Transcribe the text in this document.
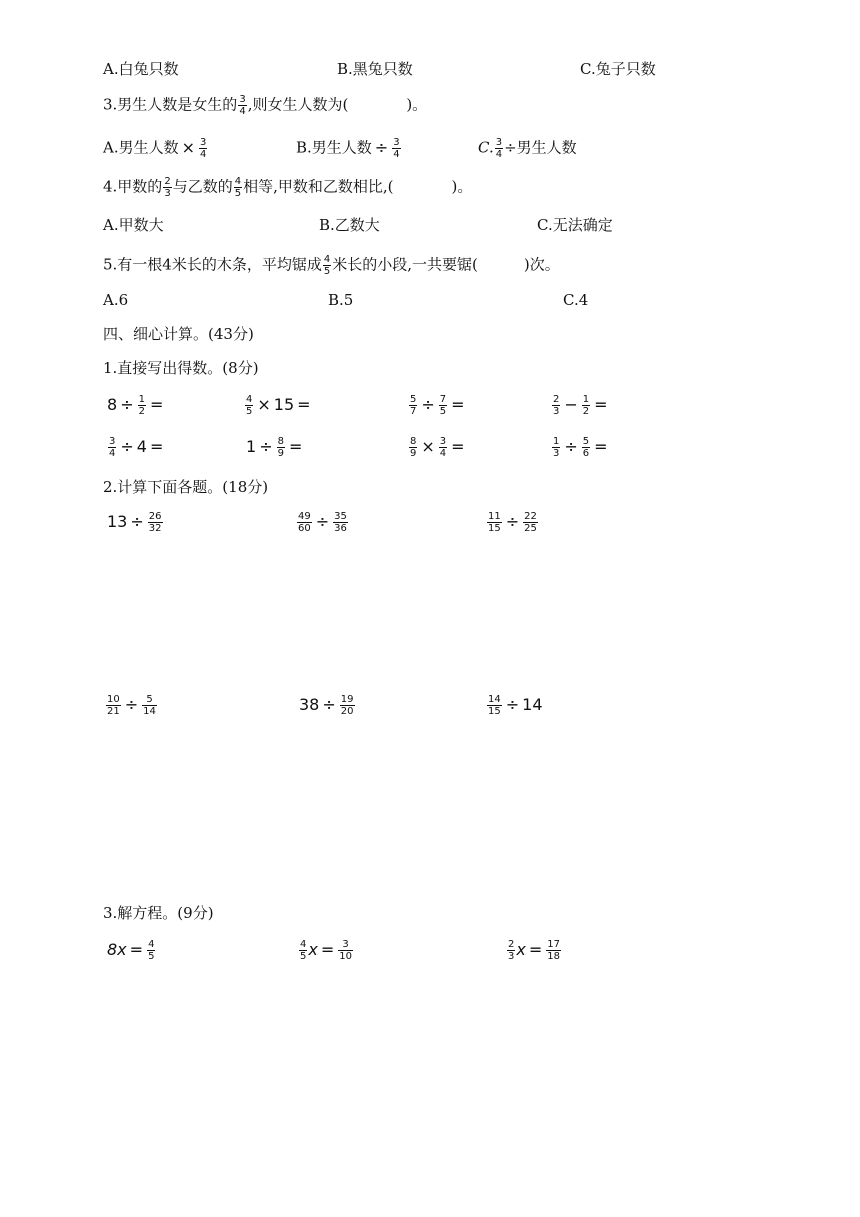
A.白兔只数	B.黑兔只数	C.兔子只数
3.男生人数是女生的 $\frac{3}{4}$ ,则女生人数为(	)。
A.男生人数 × $\frac{3}{4}$	B.男生人数 ÷ $\frac{3}{4}$	C. $\frac{3}{4}$ ÷男生人数
4.甲数的 $\frac{2}{3}$ 与乙数的 $\frac{4}{5}$ 相等,甲数和乙数相比,(	)。
A.甲数大	B.乙数大	C.无法确定
5.有一根4米长的木条，平均锯成 $\frac{4}{5}$ 米长的小段,一共要锯(	)次。
A.6	B.5	C.4
四、细心计算。(43分)
1.直接写出得数。(8分)
$8 \div \frac{1}{2}$ =	$\frac{4}{5} \times 15$ =	$\frac{5}{7} \div \frac{7}{5}$ =	$\frac{2}{3} - \frac{1}{2}$ =
$\frac{3}{4} \div 4$ =	$1 \div \frac{8}{9}$ =	$\frac{8}{9} \times \frac{3}{4}$ =	$\frac{1}{3} \div \frac{5}{6}$ =
2.计算下面各题。(18分)
$13 \div \frac{26}{32}$	$\frac{49}{60} \div \frac{35}{36}$	$\frac{11}{15} \div \frac{22}{25}$
$\frac{10}{21} \div \frac{5}{14}$	$38 \div \frac{19}{20}$	$\frac{14}{15} \div 14$
3.解方程。(9分)
$8x = \frac{4}{5}$	$\frac{4}{5}$ $x = \frac{3}{10}$	$\frac{2}{3}$ $x = \frac{17}{18}$
